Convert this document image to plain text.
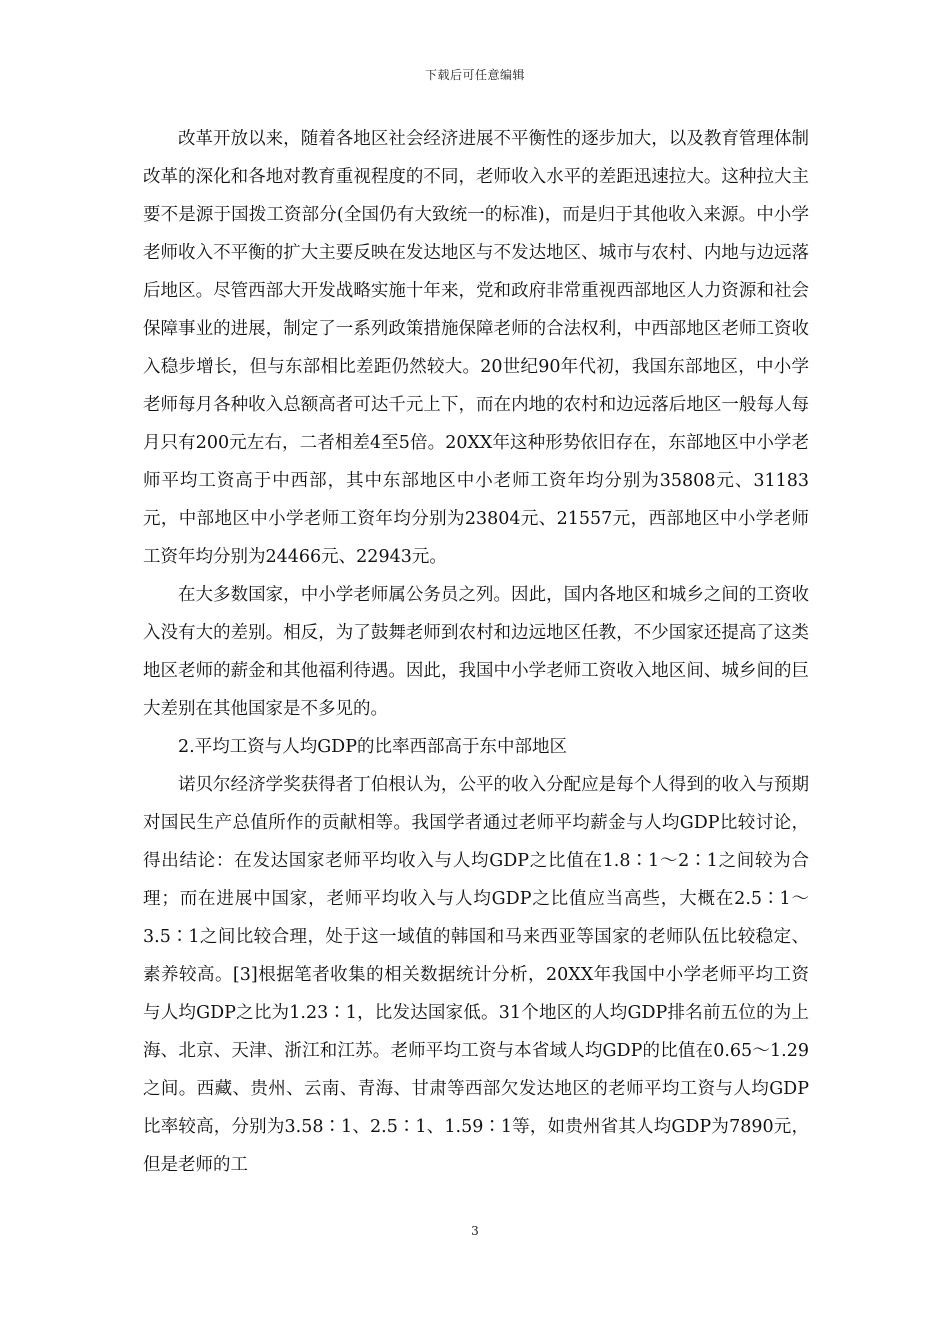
下载后可任意编辑

改革开放以来，随着各地区社会经济进展不平衡性的逐步加大，以及教育管理体制改革的深化和各地对教育重视程度的不同，老师收入水平的差距迅速拉大。这种拉大主要不是源于国拨工资部分(全国仍有大致统一的标准)，而是归于其他收入来源。中小学老师收入不平衡的扩大主要反映在发达地区与不发达地区、城市与农村、内地与边远落后地区。尽管西部大开发战略实施十年来，党和政府非常重视西部地区人力资源和社会保障事业的进展，制定了一系列政策措施保障老师的合法权利，中西部地区老师工资收入稳步增长，但与东部相比差距仍然较大。20世纪90年代初，我国东部地区，中小学老师每月各种收入总额高者可达千元上下，而在内地的农村和边远落后地区一般每人每月只有200元左右，二者相差4至5倍。20XX年这种形势依旧存在，东部地区中小学老师平均工资高于中西部，其中东部地区中小老师工资年均分别为35808元、31183元，中部地区中小学老师工资年均分别为23804元、21557元，西部地区中小学老师工资年均分别为24466元、22943元。

在大多数国家，中小学老师属公务员之列。因此，国内各地区和城乡之间的工资收入没有大的差别。相反，为了鼓舞老师到农村和边远地区任教，不少国家还提高了这类地区老师的薪金和其他福利待遇。因此，我国中小学老师工资收入地区间、城乡间的巨大差别在其他国家是不多见的。

2.平均工资与人均GDP的比率西部高于东中部地区

诺贝尔经济学奖获得者丁伯根认为，公平的收入分配应是每个人得到的收入与预期对国民生产总值所作的贡献相等。我国学者通过老师平均薪金与人均GDP比较讨论，得出结论：在发达国家老师平均收入与人均GDP之比值在1.8∶1～2∶1之间较为合理；而在进展中国家，老师平均收入与人均GDP之比值应当高些，大概在2.5∶1～3.5∶1之间比较合理，处于这一域值的韩国和马来西亚等国家的老师队伍比较稳定、素养较高。[3]根据笔者收集的相关数据统计分析，20XX年我国中小学老师平均工资与人均GDP之比为1.23∶1，比发达国家低。31个地区的人均GDP排名前五位的为上海、北京、天津、浙江和江苏。老师平均工资与本省域人均GDP的比值在0.65～1.29之间。西藏、贵州、云南、青海、甘肃等西部欠发达地区的老师平均工资与人均GDP比率较高，分别为3.58∶1、2.5∶1、1.59∶1等，如贵州省其人均GDP为7890元，但是老师的工

3
